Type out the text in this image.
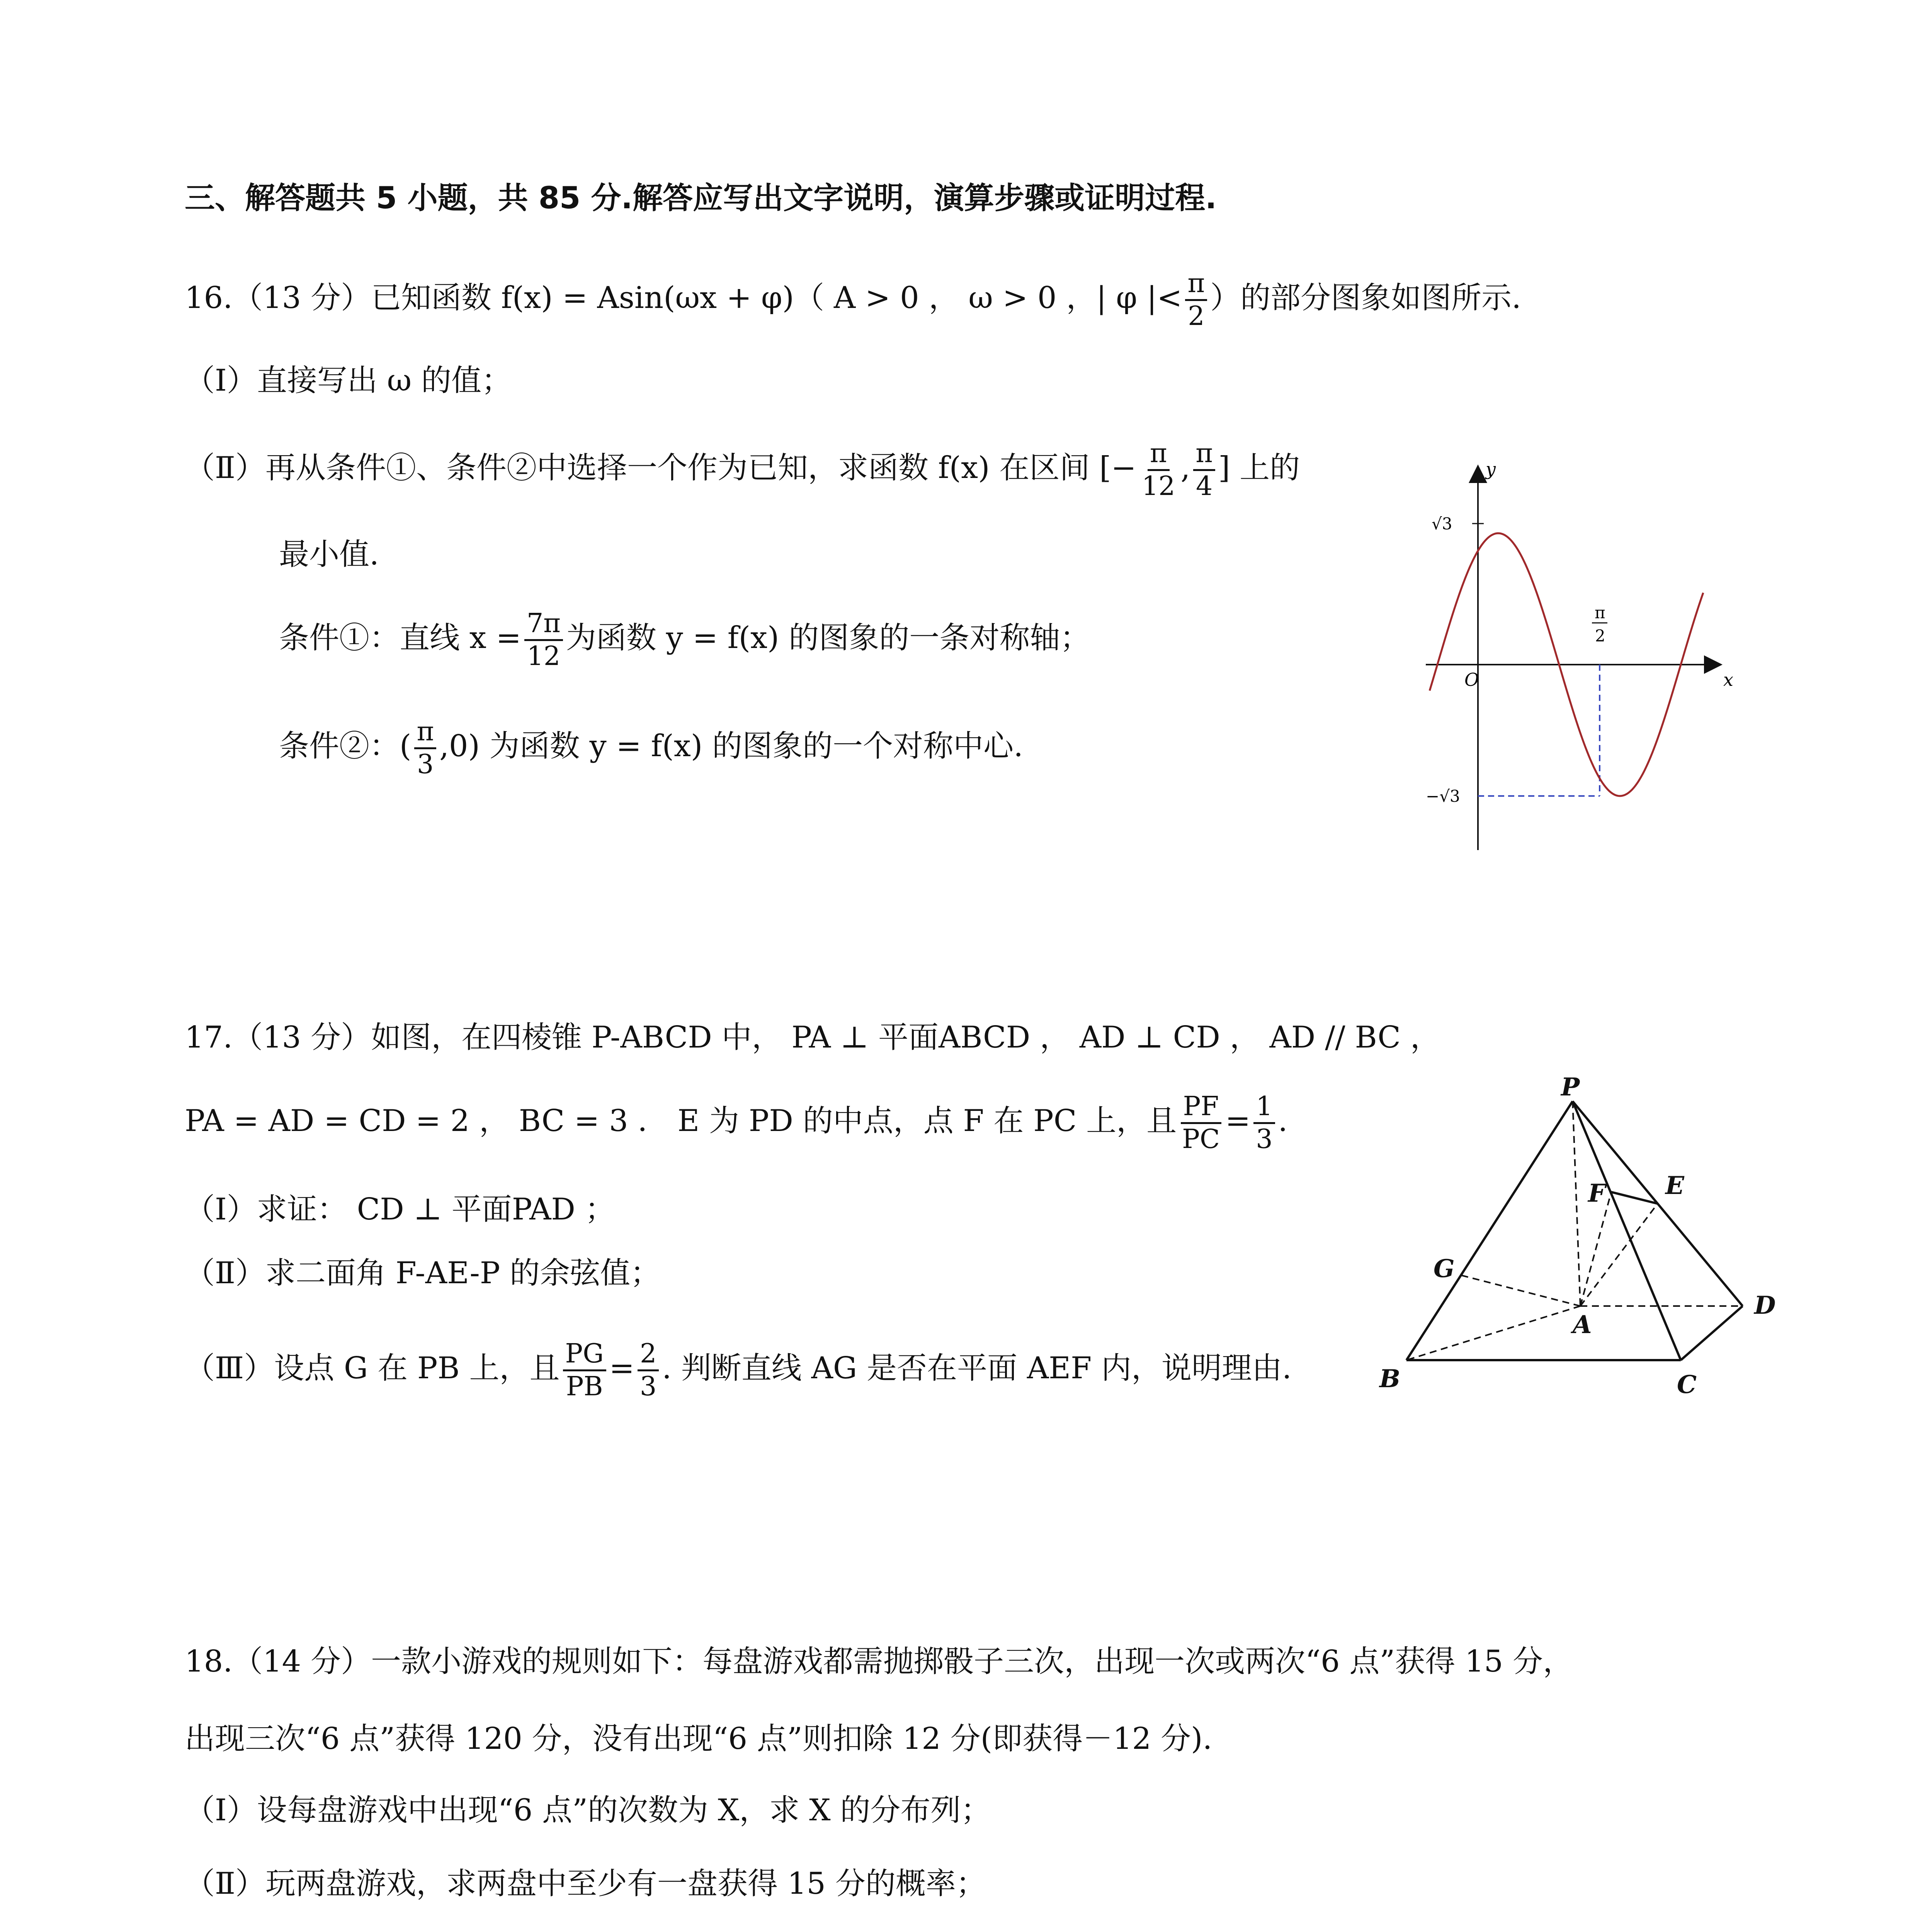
三、解答题共 5 小题，共 85 分.解答应写出文字说明，演算步骤或证明过程.
16.（13 分）已知函数 f(x) = Asin(ωx + φ)（ A > 0 ， ω > 0 ，| φ |< $\frac{\pi}{2}$ ）的部分图象如图所示.
（Ⅰ）直接写出 ω 的值；
（Ⅱ）再从条件①、条件②中选择一个作为已知，求函数 f(x) 在区间 [− $\frac{\pi}{12}$ , $\frac{\pi}{4}$ ] 上的
最小值.
条件①：直线 $x = \frac{7\pi}{12}$ 为函数 y = f(x) 的图象的一条对称轴；
条件②：( $\frac{\pi}{3} ,0$) 为函数 y = f(x) 的图象的一个对称中心.
y
x
O
√3
−√3
π
2
17.（13 分）如图，在四棱锥 P-ABCD 中， PA ⊥ 平面ABCD ， AD ⊥ CD ， AD // BC ，
PA = AD = CD = 2 ， BC = 3 ． E 为 PD 的中点，点 F 在 PC 上，且 $\frac{PF}{PC} = \frac{1}{3}$ .
（Ⅰ）求证： CD ⊥ 平面PAD ；
（Ⅱ）求二面角 F-AE-P 的余弦值；
（Ⅲ）设点 G 在 PB 上，且 $\frac{PG}{PB} = \frac{2}{3}$ . 判断直线 AG 是否在平面 AEF 内，说明理由.
P
A
B	C
D
E
F
G
18.（14 分）一款小游戏的规则如下：每盘游戏都需抛掷骰子三次，出现一次或两次“6 点”获得 15 分，
出现三次“6 点”获得 120 分，没有出现“6 点”则扣除 12 分(即获得－12 分).
（Ⅰ）设每盘游戏中出现“6 点”的次数为 X，求 X 的分布列；
（Ⅱ）玩两盘游戏，求两盘中至少有一盘获得 15 分的概率；
